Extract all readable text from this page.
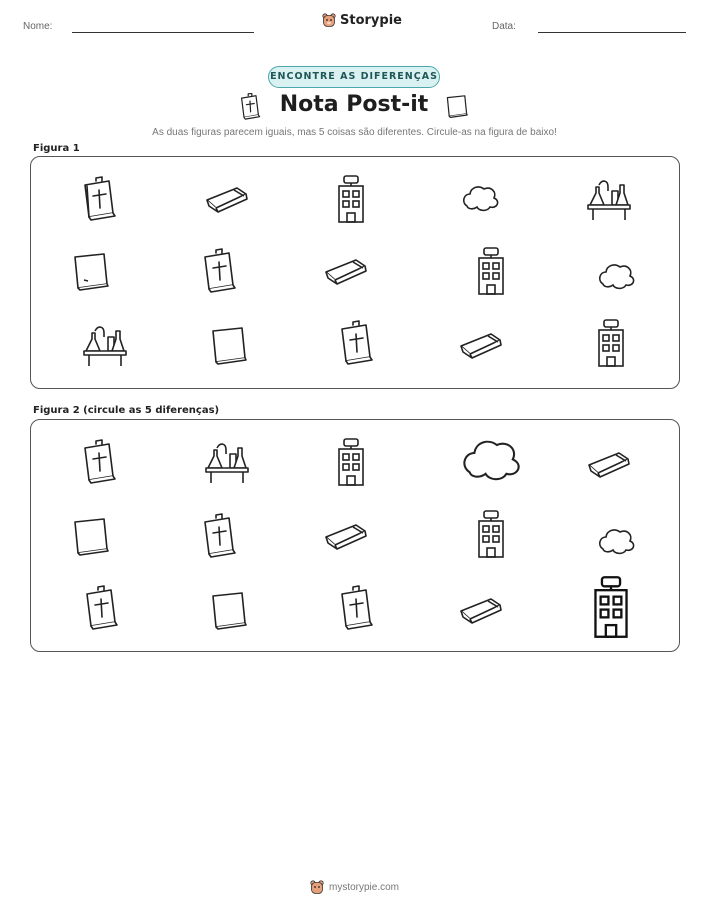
Nome:	Data:
Storypie
ENCONTRE AS DIFERENÇAS
Nota Post-it
As duas figuras parecem iguais, mas 5 coisas são diferentes. Circule-as na figura de baixo!
Figura 1
Figura 2 (circule as 5 diferenças)
mystorypie.com
